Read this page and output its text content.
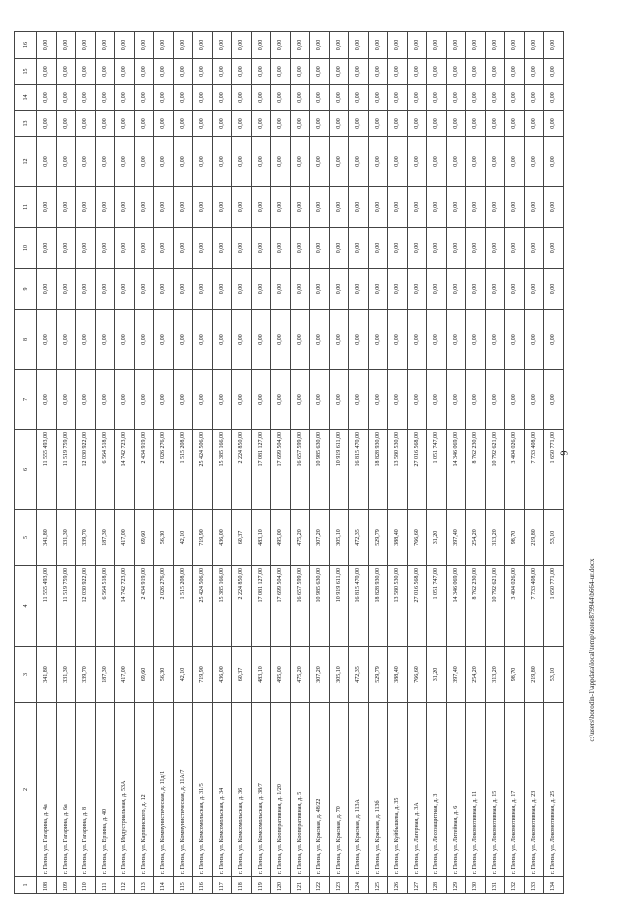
6
1	2	3	4	5	6	7	8	9	10	11	12	13	14	15	16
108	г. Пенза, ул. Гагарина, д. 4а	341,80	11 555 493,00	341,80	11 555 493,00	0,00	0,00	0,00	0,00	0,00	0,00	0,00	0,00	0,00	0,00
109	г. Пенза, ул. Гагарина, д. 6а	331,30	11 519 759,00	331,30	11 519 759,00	0,00	0,00	0,00	0,00	0,00	0,00	0,00	0,00	0,00	0,00
110	г. Пенза, ул. Гагарина, д. 8	339,70	12 030 922,00	339,70	12 030 922,00	0,00	0,00	0,00	0,00	0,00	0,00	0,00	0,00	0,00	0,00
111	г. Пенза, ул. Ерзина, д. 40	187,30	6 564 518,00	187,30	6 564 518,00	0,00	0,00	0,00	0,00	0,00	0,00	0,00	0,00	0,00	0,00
112	г. Пенза, ул. Индустриальная, д. 53А	417,00	14 742 723,00	417,00	14 742 723,00	0,00	0,00	0,00	0,00	0,00	0,00	0,00	0,00	0,00	0,00
113	г. Пенза, ул. Карпинского, д. 12	69,60	2 434 919,00	69,60	2 434 919,00	0,00	0,00	0,00	0,00	0,00	0,00	0,00	0,00	0,00	0,00
114	г. Пенза, ул. Коммунистическая, д. 11д/1	56,30	2 026 276,00	56,30	2 026 276,00	0,00	0,00	0,00	0,00	0,00	0,00	0,00	0,00	0,00	0,00
115	г. Пенза, ул. Коммунистическая, д. 11А/7	42,10	1 515 208,00	42,10	1 515 208,00	0,00	0,00	0,00	0,00	0,00	0,00	0,00	0,00	0,00	0,00
116	г. Пенза, ул. Комсомольская, д. 31/5	719,90	25 424 506,00	719,90	25 424 506,00	0,00	0,00	0,00	0,00	0,00	0,00	0,00	0,00	0,00	0,00
117	г. Пенза, ул. Комсомольская, д. 34	436,00	15 385 166,00	436,00	15 385 166,00	0,00	0,00	0,00	0,00	0,00	0,00	0,00	0,00	0,00	0,00
118	г. Пенза, ул. Комсомольская, д. 36	60,37	2 224 850,00	60,37	2 224 850,00	0,00	0,00	0,00	0,00	0,00	0,00	0,00	0,00	0,00	0,00
119	г. Пенза, ул. Комсомольская, д. 38/7	483,10	17 081 127,00	483,10	17 081 127,00	0,00	0,00	0,00	0,00	0,00	0,00	0,00	0,00	0,00	0,00
120	г. Пенза, ул. Кооперативная, д. 1/20	495,00	17 699 504,00	495,00	17 699 504,00	0,00	0,00	0,00	0,00	0,00	0,00	0,00	0,00	0,00	0,00
121	г. Пенза, ул. Кооперативная, д. 5	475,20	16 657 599,00	475,20	16 657 599,00	0,00	0,00	0,00	0,00	0,00	0,00	0,00	0,00	0,00	0,00
122	г. Пенза, ул. Красная, д. 48/22	307,20	10 985 630,00	307,20	10 985 630,00	0,00	0,00	0,00	0,00	0,00	0,00	0,00	0,00	0,00	0,00
123	г. Пенза, ул. Красная, д. 70	305,10	10 919 611,00	305,10	10 919 611,00	0,00	0,00	0,00	0,00	0,00	0,00	0,00	0,00	0,00	0,00
124	г. Пенза, ул. Красная, д. 113А	472,35	16 815 470,00	472,35	16 815 470,00	0,00	0,00	0,00	0,00	0,00	0,00	0,00	0,00	0,00	0,00
125	г. Пенза, ул. Красная, д. 113б	529,79	18 828 930,00	529,79	18 828 930,00	0,00	0,00	0,00	0,00	0,00	0,00	0,00	0,00	0,00	0,00
126	г. Пенза, ул. Куйбышева, д. 35	388,40	13 580 530,00	388,40	13 580 530,00	0,00	0,00	0,00	0,00	0,00	0,00	0,00	0,00	0,00	0,00
127	г. Пенза, ул. Лагерная, д. 3А	766,60	27 016 568,00	766,60	27 016 568,00	0,00	0,00	0,00	0,00	0,00	0,00	0,00	0,00	0,00	0,00
128	г. Пенза, ул. Лесозащитная, д. 3	31,20	1 051 747,00	31,20	1 051 747,00	0,00	0,00	0,00	0,00	0,00	0,00	0,00	0,00	0,00	0,00
129	г. Пенза, ул. Литейная, д. 6	397,40	14 346 069,00	397,40	14 346 069,00	0,00	0,00	0,00	0,00	0,00	0,00	0,00	0,00	0,00	0,00
130	г. Пенза, ул. Локомотивная, д. 11	254,20	8 762 230,00	254,20	8 762 230,00	0,00	0,00	0,00	0,00	0,00	0,00	0,00	0,00	0,00	0,00
131	г. Пенза, ул. Локомотивная, д. 15	313,20	10 792 621,00	313,20	10 792 621,00	0,00	0,00	0,00	0,00	0,00	0,00	0,00	0,00	0,00	0,00
132	г. Пенза, ул. Локомотивная, д. 17	98,70	3 404 026,00	98,70	3 404 026,00	0,00	0,00	0,00	0,00	0,00	0,00	0,00	0,00	0,00	0,00
133	г. Пенза, ул. Локомотивная, д. 23	219,80	7 733 408,00	219,80	7 733 408,00	0,00	0,00	0,00	0,00	0,00	0,00	0,00	0,00	0,00	0,00
134	г. Пенза, ул. Локомотивная, д. 25	53,10	1 650 771,00	53,10	1 650 771,00	0,00	0,00	0,00	0,00	0,00	0,00	0,00	0,00	0,00	0,00
c:\users\borodin-1\appdata\local\temp\notes879944\b664-ur.docx
